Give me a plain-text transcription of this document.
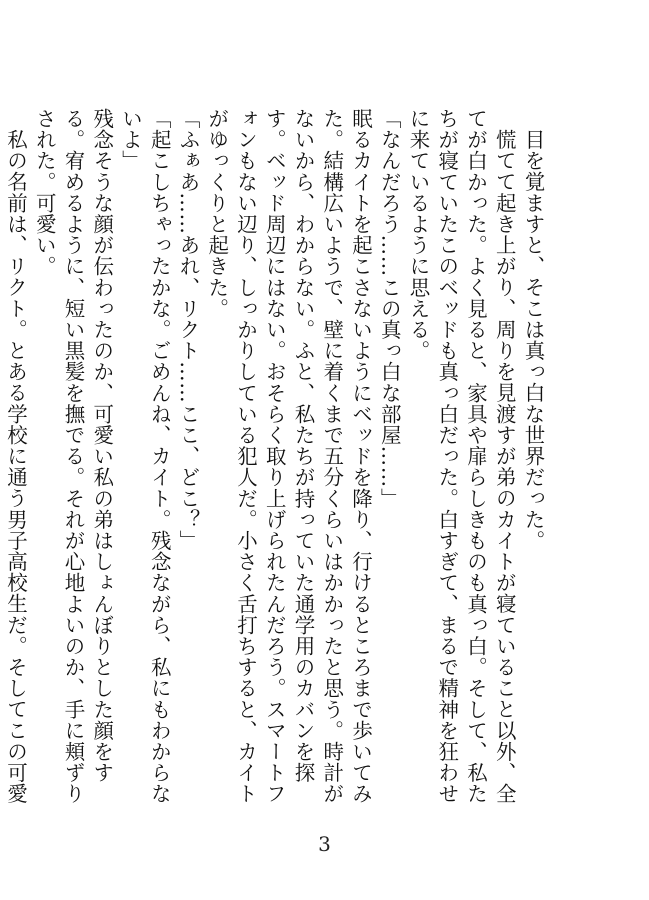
目を覚ますと、そこは真っ白な世界だった。

慌てて起き上がり、周りを見渡すが弟のカイトが寝ていること以外、全てが白かった。よく見ると、家具や扉らしきものも真っ白。そして、私たちが寝ていたこのベッドも真っ白だった。白すぎて、まるで精神を狂わせに来ているように思える。

「なんだろう……この真っ白な部屋……」

眠るカイトを起こさないようにベッドを降り、行けるところまで歩いてみた。結構広いようで、壁に着くまで五分くらいはかかったと思う。時計がないから、わからない。ふと、私たちが持っていた通学用のカバンを探す。ベッド周辺にはない。おそらく取り上げられたんだろう。スマートフォンもない辺り、しっかりしている犯人だ。小さく舌打ちすると、カイトがゆっくりと起きた。

「ふぁあ……あれ、リクト……ここ、どこ？」

「起こしちゃったかな。ごめんね、カイト。残念ながら、私にもわからないよ」

残念そうな顔が伝わったのか、可愛い私の弟はしょんぼりとした顔をする。宥めるように、短い黒髪を撫でる。それが心地よいのか、手に頬ずりされた。可愛い。

私の名前は、リクト。とある学校に通う男子高校生だ。そしてこの可愛

3
